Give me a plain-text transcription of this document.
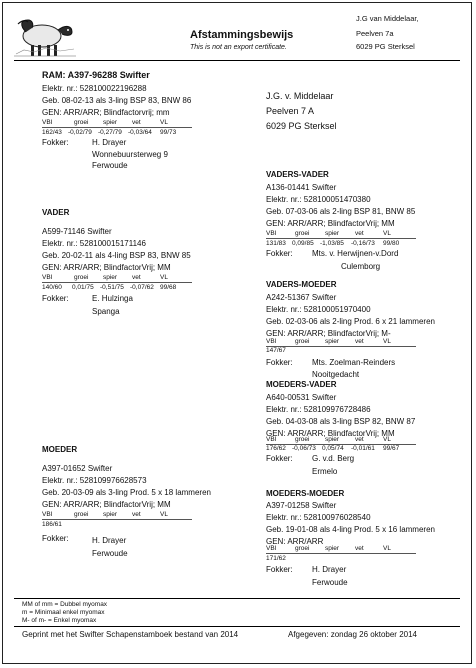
Afstammingsbewijs
This is not an export certificate.
J.G van Middelaar,
Peelven 7a
6029 PG Sterksel
RAM: A397-96288 Swifter
Elektr. nr.: 528100022196288
Geb. 08-02-13 als 3-ling BSP 83, BNW 86
GEN: ARR/ARR; Blindfactorvrij; mm
VBI	groei spier vet	VL
162/43 -0,02/79 -0,27/79 -0,03/64 99/73
Fokker:	H. Drayer
Wonnebuursterweg 9
Ferwoude
J.G. v. Middelaar
Peelven 7 A
6029 PG Sterksel
VADER
A599-71146 Swifter
Elektr. nr.: 528100015171146
Geb. 20-02-11 als 4-ling BSP 83, BNW 85
GEN: ARR/ARR; BlindfactorVrij; MM
VBI	groei spier vet	VL
140/60 0,01/75 -0,51/75 -0,07/62 99/68
Fokker:	E. Hulzinga
Spanga
MOEDER
A397-01652 Swifter
Elektr. nr.: 528109976628573
Geb. 20-03-09 als 3-ling Prod. 5 x 18 lammeren
GEN: ARR/ARR; BlindfactorVrij; MM
VBI	groei spier vet	VL
186/61
Fokker:	H. Drayer
Ferwoude
VADERS-VADER
A136-01441 Swifter
Elektr. nr.: 528100051470380
Geb. 07-03-06 als 2-ling BSP 81, BNW 85
GEN: ARR/ARR; BlindfactorVrij; MM
VBI	groei spier vet	VL
131/83 0,09/85 -1,03/85 -0,16/73 99/80
Fokker: Mts. v. Herwijnen-v.Dord
Culemborg
VADERS-MOEDER
A242-51367 Swifter
Elektr. nr.: 528100051970400
Geb. 02-03-06 als 2-ling Prod. 6 x 21 lammeren
GEN: ARR/ARR; BlindfactorVrij; M-
VBI	groei spier vet	VL
147/67
Fokker: Mts. Zoelman-Reinders
Nooitgedacht
MOEDERS-VADER
A640-00531 Swifter
Elektr. nr.: 528109976728486
Geb. 04-03-08 als 3-ling BSP 82, BNW 87
GEN: ARR/ARR; BlindfactorVrij; MM
VBI	groei spier vet	VL
176/62 -0,06/73 0,05/74 -0,01/61 99/67
Fokker: G. v.d. Berg
Ermelo
MOEDERS-MOEDER
A397-01258 Swifter
Elektr. nr.: 528100976028540
Geb. 19-01-08 als 4-ling Prod. 5 x 16 lammeren
GEN: ARR/ARR
VBI	groei spier vet	VL
171/62
Fokker: H. Drayer
Ferwoude
MM of mm = Dubbel myomax
m = Minimaal enkel myomax
M- of m- = Enkel myomax
Geprint met het Swifter Schapenstamboek bestand van 2014	Afgegeven: zondag 26 oktober 2014
